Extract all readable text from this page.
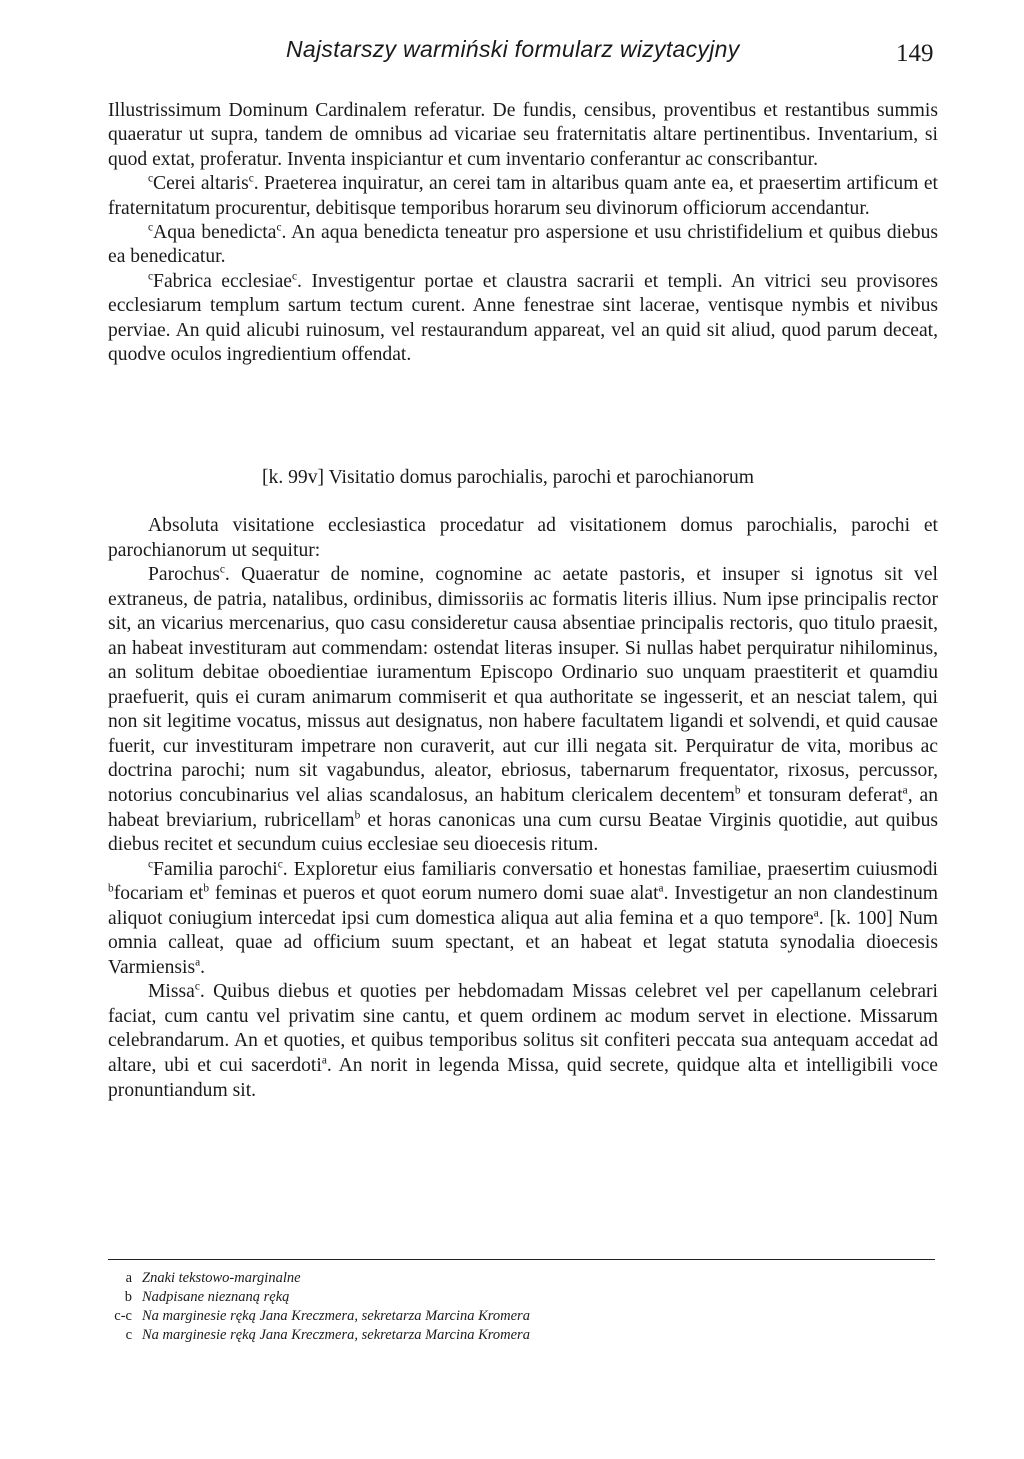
Najstarszy warmiński formularz wizytacyjny	149

Illustrissimum Dominum Cardinalem referatur. De fundis, censibus, proventibus et restantibus summis quaeratur ut supra, tandem de omnibus ad vicariae seu fraternitatis altare pertinentibus. Inventarium, si quod extat, proferatur. Inventa inspiciantur et cum inventario conferantur ac conscribantur.

$^c$Cerei altaris$^c$. Praeterea inquiratur, an cerei tam in altaribus quam ante ea, et praesertim artificum et fraternitatum procurentur, debitisque temporibus horarum seu divinorum officiorum accendantur.

$^c$Aqua benedicta$^c$. An aqua benedicta teneatur pro aspersione et usu christifidelium et quibus diebus ea benedicatur.

$^c$Fabrica ecclesiae$^c$. Investigentur portae et claustra sacrarii et templi. An vitrici seu provisores ecclesiarum templum sartum tectum curent. Anne fenestrae sint lacerae, ventisque nymbis et nivibus perviae. An quid alicubi ruinosum, vel restaurandum appareat, vel an quid sit aliud, quod parum deceat, quodve oculos ingredientium offendat.

[k. 99v] Visitatio domus parochialis, parochi et parochianorum

Absoluta visitatione ecclesiastica procedatur ad visitationem domus parochialis, parochi et parochianorum ut sequitur:

Parochus$^c$. Quaeratur de nomine, cognomine ac aetate pastoris, et insuper si ignotus sit vel extraneus, de patria, natalibus, ordinibus, dimissoriis ac formatis literis illius. Num ipse principalis rector sit, an vicarius mercenarius, quo casu consideretur causa absentiae principalis rectoris, quo titulo praesit, an habeat investituram aut commendam: ostendat literas insuper. Si nullas habet perquiratur nihilominus, an solitum debitae oboedientiae iuramentum Episcopo Ordinario suo unquam praestiterit et quamdiu praefuerit, quis ei curam animarum commiserit et qua authoritate se ingesserit, et an nesciat talem, qui non sit legitime vocatus, missus aut designatus, non habere facultatem ligandi et solvendi, et quid causae fuerit, cur investituram impetrare non curaverit, aut cur illi negata sit. Perquiratur de vita, moribus ac doctrina parochi; num sit vagabundus, aleator, ebriosus, tabernarum frequentator, rixosus, percussor, notorius concubinarius vel alias scandalosus, an habitum clericalem decentem$^b$ et tonsuram deferat$^a$, an habeat breviarium, rubricellam$^b$ et horas canonicas una cum cursu Beatae Virginis quotidie, aut quibus diebus recitet et secundum cuius ecclesiae seu dioecesis ritum.

$^c$Familia parochi$^c$. Exploretur eius familiaris conversatio et honestas familiae, praesertim cuiusmodi $^b$focariam $et^b$ feminas et pueros et quot eorum numero domi suae alat$^a$. Investigetur an non clandestinum aliquot coniugium intercedat ipsi cum domestica aliqua aut alia femina et a quo tempore$^a$. [k. 100] Num omnia calleat, quae ad officium suum spectant, et an habeat et legat statuta synodalia dioecesis Varmiensis$^a$.

Missa$^c$. Quibus diebus et quoties per hebdomadam Missas celebret vel per capellanum celebrari faciat, cum cantu vel privatim sine cantu, et quem ordinem ac modum servet in electione. Missarum celebrandarum. An et quoties, et quibus temporibus solitus sit confiteri peccata sua antequam accedat ad altare, ubi et cui sacerdoti$^a$. An norit in legenda Missa, quid secrete, quidque alta et intelligibili voce pronuntiandum sit.

a Znaki tekstowo-marginalne
b Nadpisane nieznaną ręką
c-c Na marginesie ręką Jana Kreczmera, sekretarza Marcina Kromera
c Na marginesie ręką Jana Kreczmera, sekretarza Marcina Kromera
